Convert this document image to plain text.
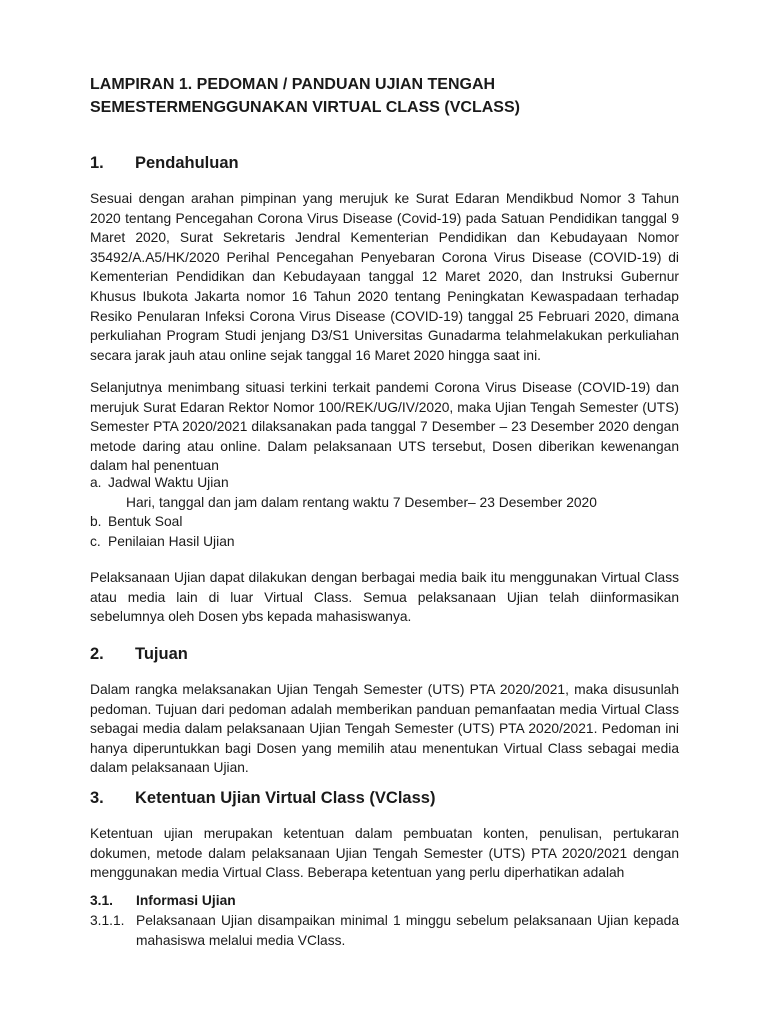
LAMPIRAN 1. PEDOMAN / PANDUAN UJIAN TENGAH
SEMESTERMENGGUNAKAN VIRTUAL CLASS (VCLASS)
1. Pendahuluan

Sesuai dengan arahan pimpinan yang merujuk ke Surat Edaran Mendikbud Nomor 3 Tahun 2020 tentang Pencegahan Corona Virus Disease (Covid-19) pada Satuan Pendidikan tanggal 9 Maret 2020, Surat Sekretaris Jendral Kementerian Pendidikan dan Kebudayaan Nomor 35492/A.A5/HK/2020 Perihal Pencegahan Penyebaran Corona Virus Disease (COVID-19) di Kementerian Pendidikan dan Kebudayaan tanggal 12 Maret 2020, dan Instruksi Gubernur Khusus Ibukota Jakarta nomor 16 Tahun 2020 tentang Peningkatan Kewaspadaan terhadap Resiko Penularan Infeksi Corona Virus Disease (COVID-19) tanggal 25 Februari 2020, dimana perkuliahan Program Studi jenjang D3/S1 Universitas Gunadarma telahmelakukan perkuliahan secara jarak jauh atau online sejak tanggal 16 Maret 2020 hingga saat ini.

Selanjutnya menimbang situasi terkini terkait pandemi Corona Virus Disease (COVID-19) dan merujuk Surat Edaran Rektor Nomor 100/REK/UG/IV/2020, maka Ujian Tengah Semester (UTS) Semester PTA 2020/2021 dilaksanakan pada tanggal 7 Desember – 23 Desember 2020 dengan metode daring atau online. Dalam pelaksanaan UTS tersebut, Dosen diberikan kewenangan dalam hal penentuan

a. Jadwal Waktu Ujian
Hari, tanggal dan jam dalam rentang waktu 7 Desember– 23 Desember 2020
b. Bentuk Soal
c. Penilaian Hasil Ujian

Pelaksanaan Ujian dapat dilakukan dengan berbagai media baik itu menggunakan Virtual Class atau media lain di luar Virtual Class. Semua pelaksanaan Ujian telah diinformasikan sebelumnya oleh Dosen ybs kepada mahasiswanya.

2. Tujuan

Dalam rangka melaksanakan Ujian Tengah Semester (UTS) PTA 2020/2021, maka disusunlah pedoman. Tujuan dari pedoman adalah memberikan panduan pemanfaatan media Virtual Class sebagai media dalam pelaksanaan Ujian Tengah Semester (UTS) PTA 2020/2021. Pedoman ini hanya diperuntukkan bagi Dosen yang memilih atau menentukan Virtual Class sebagai media dalam pelaksanaan Ujian.

3. Ketentuan Ujian Virtual Class (VClass)

Ketentuan ujian merupakan ketentuan dalam pembuatan konten, penulisan, pertukaran dokumen, metode dalam pelaksanaan Ujian Tengah Semester (UTS) PTA 2020/2021 dengan menggunakan media Virtual Class. Beberapa ketentuan yang perlu diperhatikan adalah

3.1. Informasi Ujian
3.1.1. Pelaksanaan Ujian disampaikan minimal 1 minggu sebelum pelaksanaan Ujian kepada mahasiswa melalui media VClass.
